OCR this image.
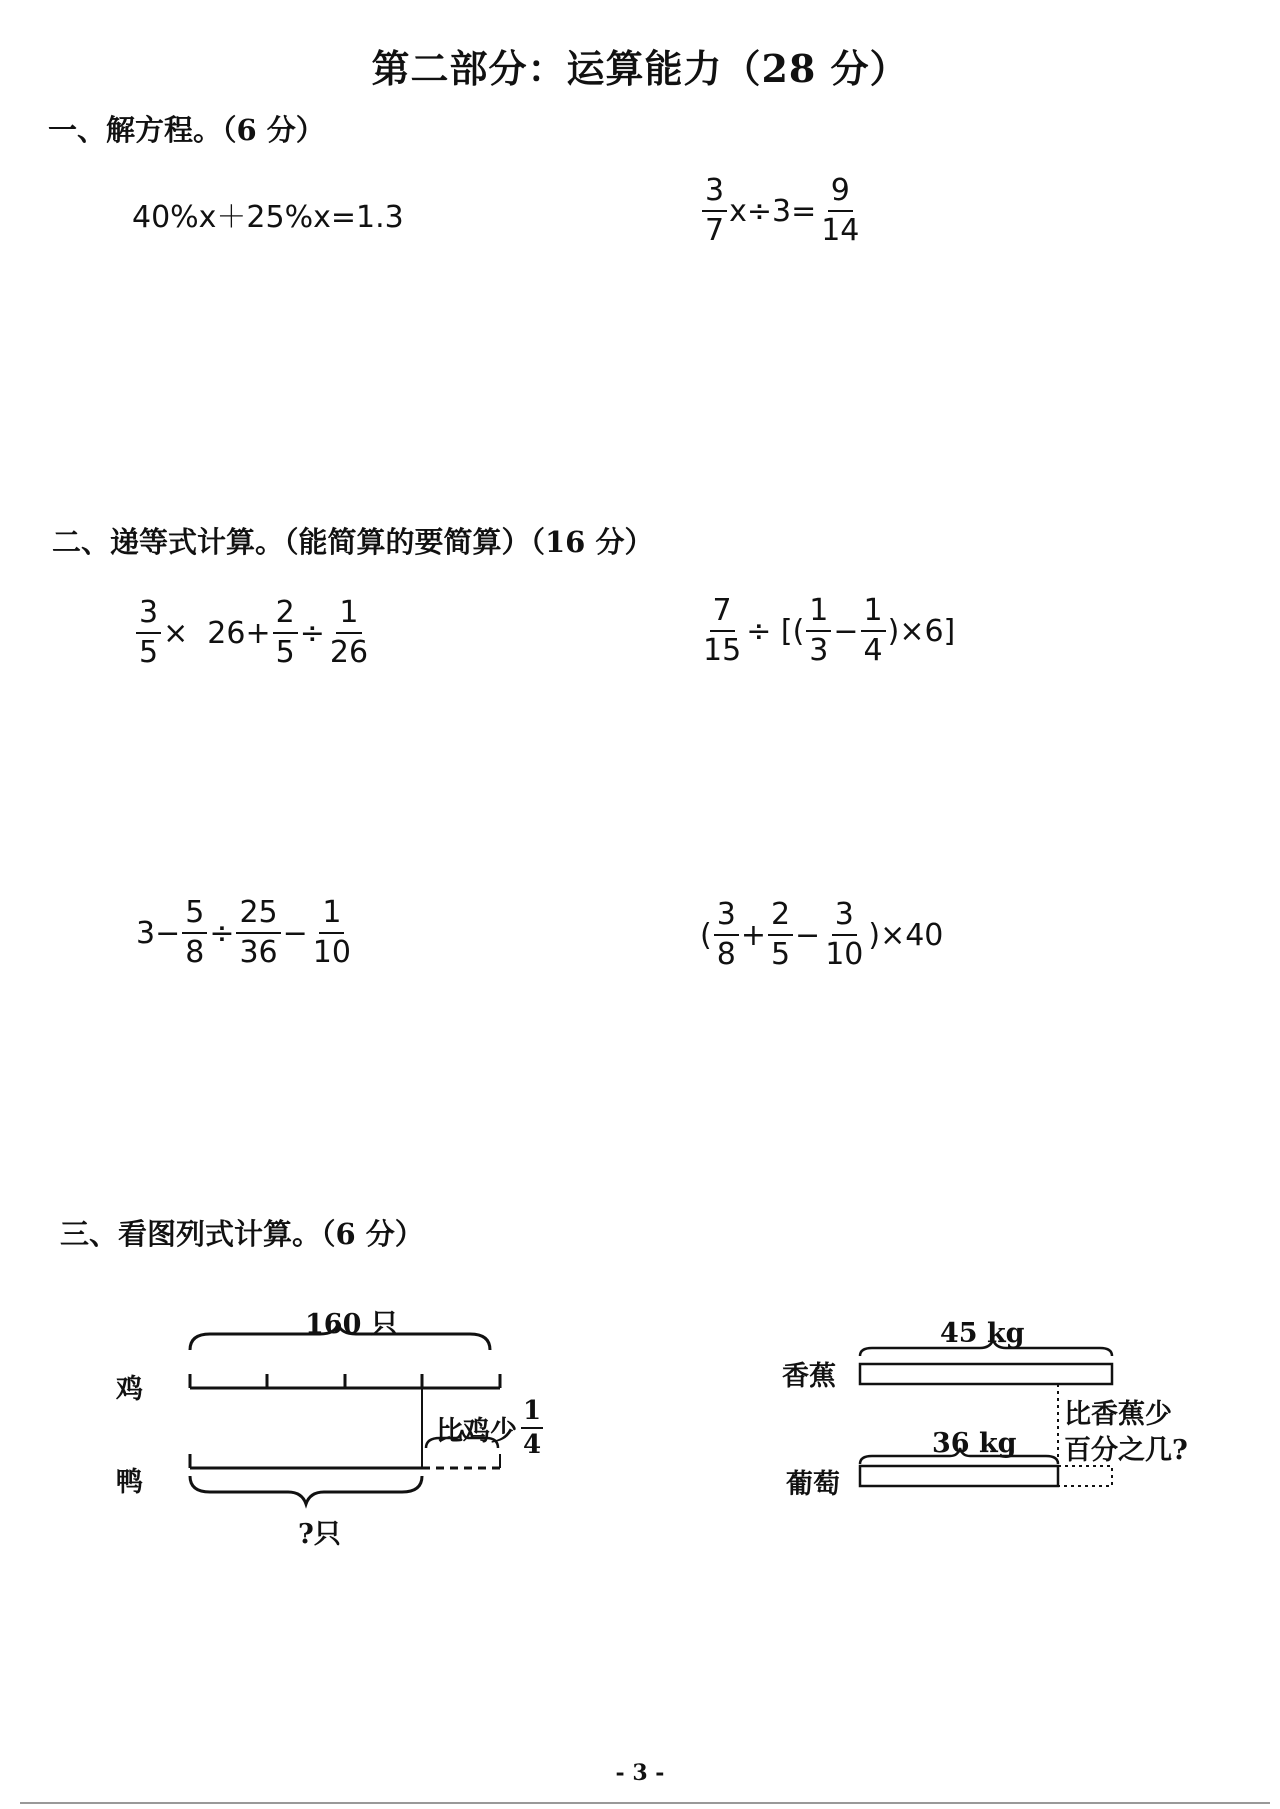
第二部分：运算能力（28 分）
一、解方程。（6 分）
40%x＋25%x=1.3	$\frac{3}{7} x\div 3= \frac{9}{14}$
二、递等式计算。（能简算的要简算）（16 分）
$\frac{3}{5} \times 26+ \frac{2}{5} \div \frac{1}{26}$	$\frac{7}{15}$ ÷ [( $\frac{1}{3} - \frac{1}{4} )\times 6$]
$3- \frac{5}{8} \div \frac{25}{36} - \frac{1}{10}$	( $\frac{3}{8} + \frac{2}{5} - \frac{3}{10} )\times 40$
三、看图列式计算。（6 分）
160 只
鸡
鸭
比鸡少 $\frac{1}{4}$
?只
45 kg
香蕉
36 kg
葡萄
比香蕉少
百分之几?
- 3 -
